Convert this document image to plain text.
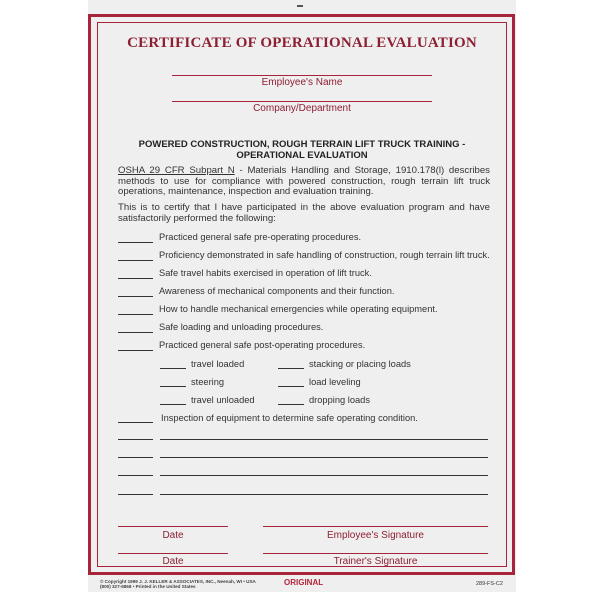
CERTIFICATE OF OPERATIONAL EVALUATION
Employee's Name
Company/Department
POWERED CONSTRUCTION, ROUGH TERRAIN LIFT TRUCK TRAINING -
OPERATIONAL EVALUATION
OSHA 29 CFR Subpart N - Materials Handling and Storage, 1910.178(l) describes methods to use for compliance with powered construction, rough terrain lift truck operations, maintenance, inspection and evaluation training.
This is to certify that I have participated in the above evaluation program and have satisfactorily performed the following:
Practiced general safe pre-operating procedures.
Proficiency demonstrated in safe handling of construction, rough terrain lift truck.
Safe travel habits exercised in operation of lift truck.
Awareness of mechanical components and their function.
How to handle mechanical emergencies while operating equipment.
Safe loading and unloading procedures.
Practiced general safe post-operating procedures.
travel loaded	stacking or placing loads
steering	load leveling
travel unloaded	dropping loads
Inspection of equipment to determine safe operating condition.
Date	Employee's Signature
Date	Trainer's Signature
© Copyright 1999 J. J. KELLER & ASSOCIATES, INC., Neenah, WI • USA
(800) 327-6868 • Printed in the United States	ORIGINAL	289-FS-C2
